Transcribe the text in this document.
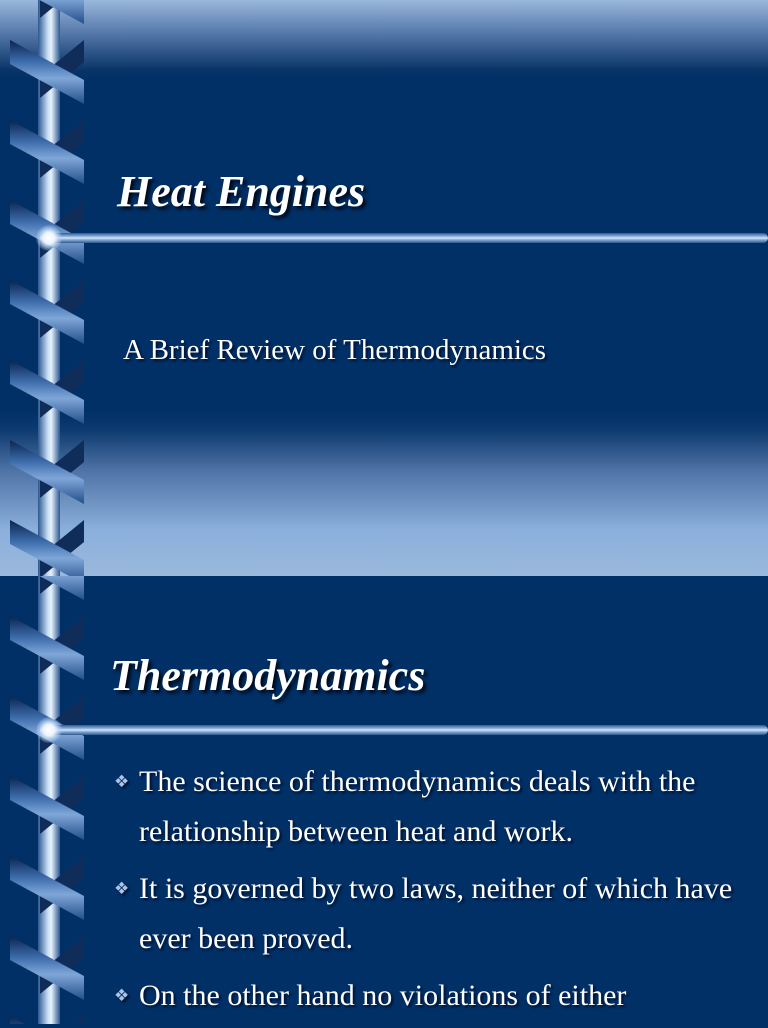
Heat Engines

A Brief Review of Thermodynamics

Thermodynamics
❖ The science of thermodynamics deals with the relationship between heat and work.
❖ It is governed by two laws, neither of which have ever been proved.
❖ On the other hand no violations of either
